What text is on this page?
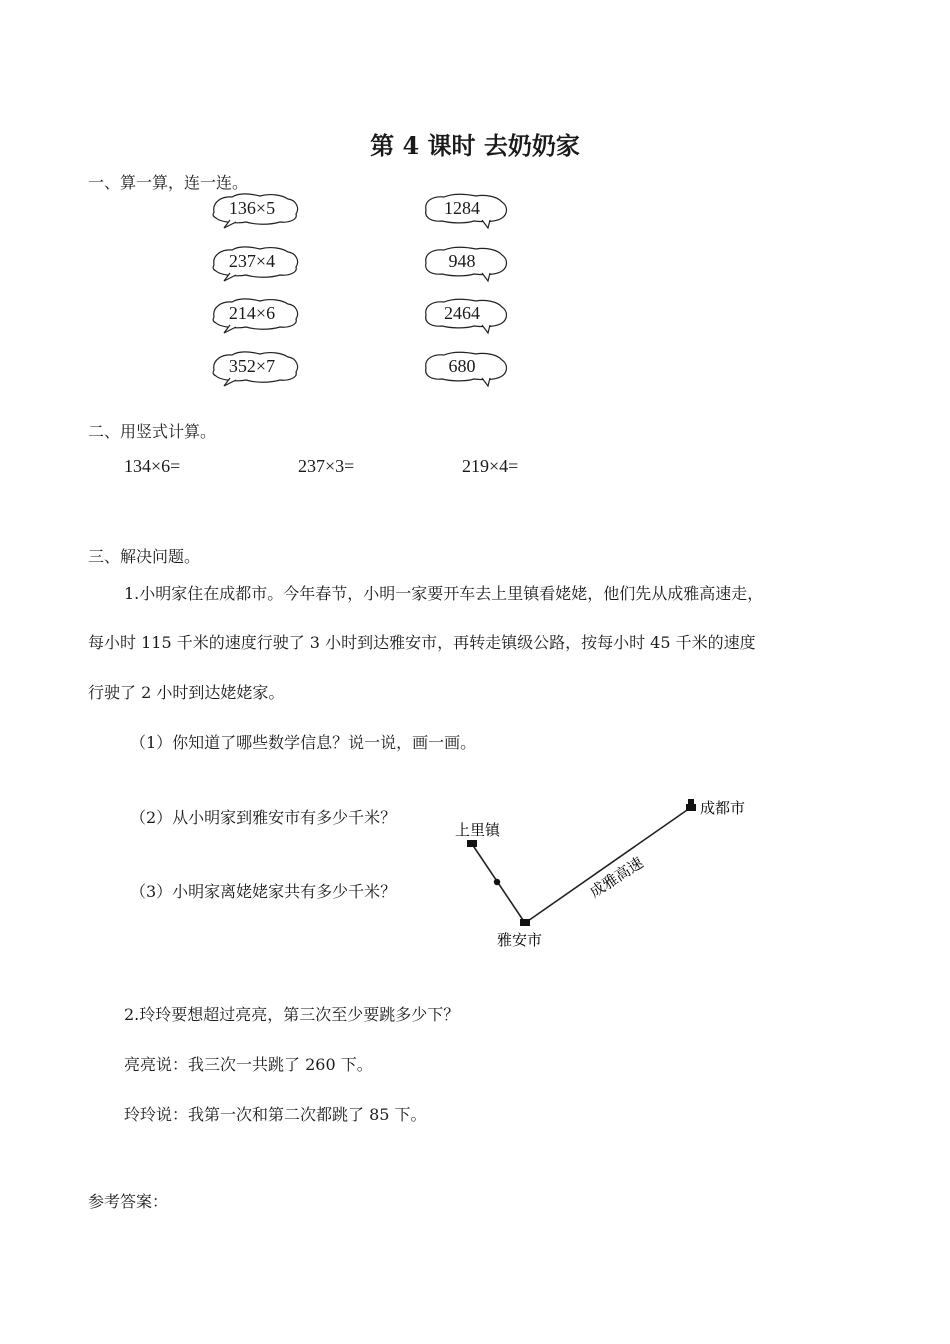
第 4 课时 去奶奶家
一、算一算，连一连。
136×5
237×4
214×6
352×7
1284
948
2464
680
二、用竖式计算。
134×6=	237×3=	219×4=
三、解决问题。
1.小明家住在成都市。今年春节，小明一家要开车去上里镇看姥姥，他们先从成雅高速走，
每小时 115 千米的速度行驶了 3 小时到达雅安市，再转走镇级公路，按每小时 45 千米的速度
行驶了 2 小时到达姥姥家。
（1）你知道了哪些数学信息？说一说，画一画。
（2）从小明家到雅安市有多少千米？
（3）小明家离姥姥家共有多少千米？
成都市
上里镇
雅安市
成雅高速
2.玲玲要想超过亮亮，第三次至少要跳多少下？
亮亮说：我三次一共跳了 260 下。
玲玲说：我第一次和第二次都跳了 85 下。
参考答案：
